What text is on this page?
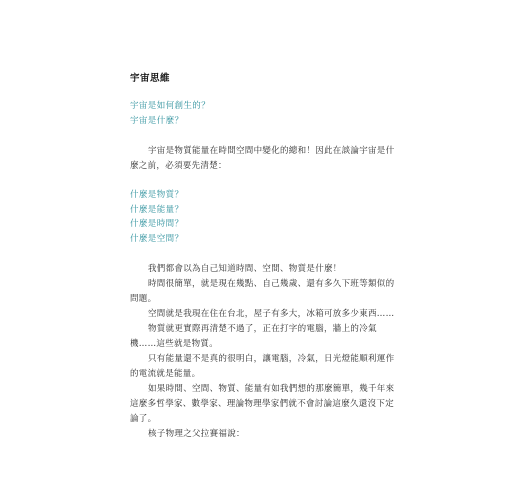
宇宙思維
宇宙是如何創生的？
宇宙是什麼？

宇宙是物質能量在時間空間中變化的總和！因此在談論宇宙是什麼之前，必須要先清楚：

什麼是物質？
什麼是能量？
什麼是時間？
什麼是空間？

我們都會以為自己知道時間、空間、物質是什麼！

時間很簡單，就是現在幾點、自己幾歲、還有多久下班等類似的問題。

空間就是我現在住在台北，屋子有多大，冰箱可放多少東西……

物質就更實際再清楚不過了，正在打字的電腦，牆上的冷氣機……這些就是物質。

只有能量還不是真的很明白，讓電腦，冷氣，日光燈能順利運作的電流就是能量。

如果時間、空間、物質、能量有如我們想的那麼簡單，幾千年來這麼多哲學家、數學家、理論物理學家們就不會討論這麼久還沒下定論了。

核子物理之父拉賽福說：
